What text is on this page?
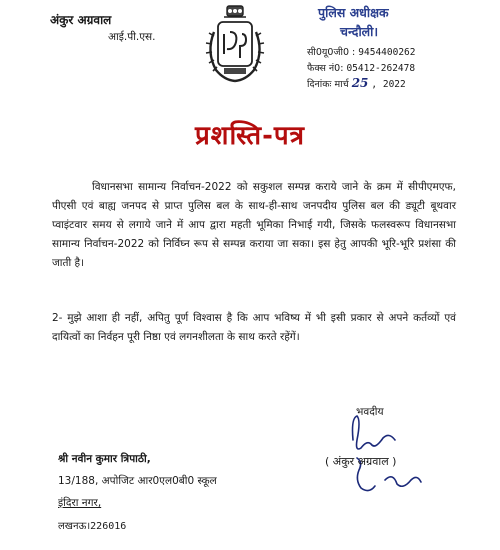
अंकुर अग्रवाल
आई.पी.एस.
पुलिस अधीक्षक
चन्दौली।
सी0यू0जी0 : 9454400262
फैक्स नं0: 05412-262478
दिनांकः मार्च 25 , 2022
प्रशस्ति-पत्र
विधानसभा सामान्य निर्वाचन-2022 को सकुशल सम्पन्न कराये जाने के क्रम में सीपीएमएफ, पीएसी एवं बाह्य जनपद से प्राप्त पुलिस बल के साथ-ही-साथ जनपदीय पुलिस बल की ड्यूटी बूथवार प्वाइंटवार समय से लगाये जाने में आप द्वारा महती भूमिका निभाई गयी, जिसके फलस्वरूप विधानसभा सामान्य निर्वाचन-2022 को निर्विघ्न रूप से सम्पन्न कराया जा सका। इस हेतु आपकी भूरि-भूरि प्रशंसा की जाती है।
2- मुझे आशा ही नहीं, अपितु पूर्ण विश्वास है कि आप भविष्य में भी इसी प्रकार से अपने कर्तव्यों एवं दायित्वों का निर्वहन पूरी निष्ठा एवं लगनशीलता के साथ करते रहेंगें।
भवदीय
( अंकुर अग्रवाल )
श्री नवीन कुमार त्रिपाठी,
13/188, अपोजिट आर0एल0बी0 स्कूल
इंदिरा नगर,
लखनऊ।226016
